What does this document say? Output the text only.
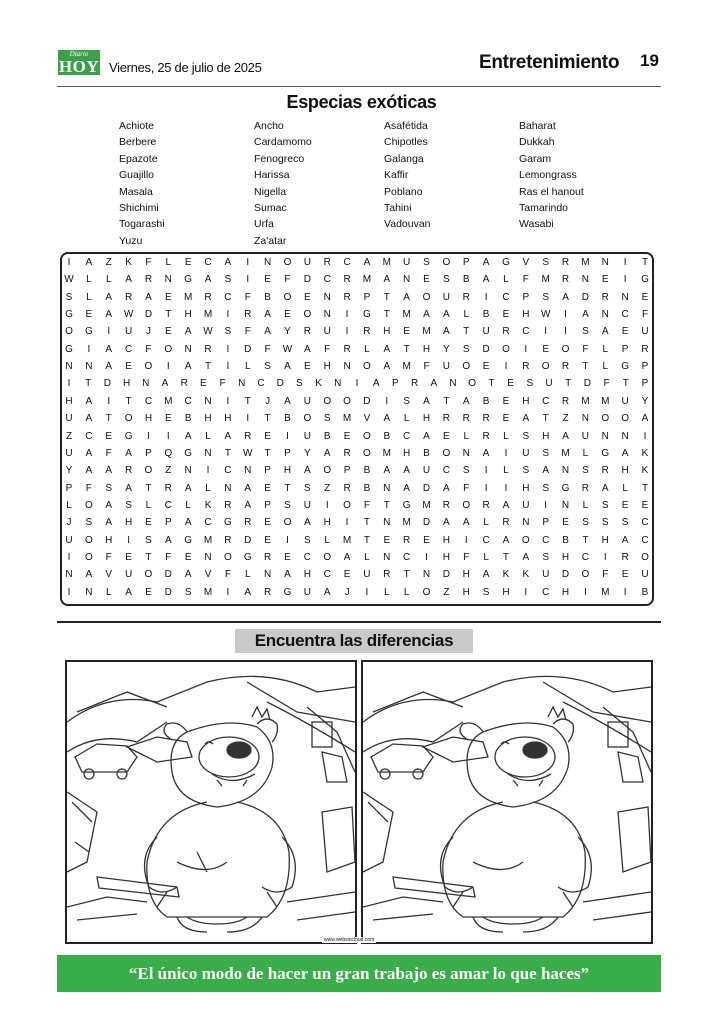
Diario
HOY Viernes, 25 de julio de 2025	Entretenimiento 19
Especias exóticas
Achiote
Berbere
Epazote
Guajillo
Masala
Shichimi
Togarashi
Yuzu
Ancho
Cardamomo
Fenogreco
Harissa
Nigella
Sumac
Urfa
Za'atar
Asafétida
Chipotles
Galanga
Kaffir
Poblano
Tahini
Vadouvan
Baharat
Dukkah
Garam
Lemongrass
Ras el hanout
Tamarindo
Wasabi
I	A	Z	K	F	L	E	C	A	I	N	O	U	R	C	A	M	U	S	O	P	A	G	V	S	R	M	N	I	T
W	L	L	A	R	N	G	A	S	I	E	F	D	C	R	M	A	N	E	S	B	A	L	F	M	R	N	E	I	G
S	L	A	R	A	E	M	R	C	F	B	O	E	N	R	P	T	A	O	U	R	I	C	P	S	A	D	R	N	E
G	E	A	W	D	T	H	M	I	R	A	E	O	N	I	G	T	M	A	A	L	B	E	H	W	I	A	N	C	F
O	G	I	U	J	E	A	W	S	F	A	Y	R	U	I	R	H	E	M	A	T	U	R	C	I	I	S	A	E	U
G	I	A	C	F	O	N	R	I	D	F	W	A	F	R	L	A	T	H	Y	S	D	O	I	E	O	F	L	P	R
N	N	A	E	O	I	A	T	I	L	S	A	E	H	N	O	A	M	F	U	O	E	I	R	O	R	T	L	G	P
I	T	D	H	N	A	R	E	F	N	C	D	S	K	N	I	A	P	R	A	N	O	T	E	S	U	T	D	F	T	P
H	A	I	T	C	M	C	N	I	T	J	A	U	O	O	D	I	S	A	T	A	B	E	H	C	R	M M	U	Y
U	A	T	O	H	E	B	H	H	I	T	B	O	S	M	V	A	L	H	R	R	R	E	A	T	Z	N	O	O	A
Z	C	E	G	I	I	A	L	A	R	E	I	U	B	E	O	B	C	A	E	L	R	L	S	H	A	U	N	N	I
U	A	F	A	P	Q	G	N	T	W	T	P	Y	A	R	O	M	H	B	O	N	A	I	U	S	M	L	G	A	K
Y	A	A	R	O	Z	N	I	C	N	P	H	A	O	P	B	A	A	U	C	S	I	L	S	A	N	S	R	H	K
P	F	S	A	T	R	A	L	N	A	E	T	S	Z	R	B	N	A	D	A	F	I	I	H	S	G	R	A	L	T
L	O	A	S	L	C	L	K	R	A	P	S	U	I	O	F	T	G	M	R	O	R	A	U	I	N	L	S	E	E
J	S	A	H	E	P	A	C	G	R	E	O	A	H	I	T	N	M	D	A	A	L	R	N	P	E	S	S	S	C
U	O	H	I	S	A	G	M	R	D	E	I	S	L	M	T	E	R	E	H	I	C	A	O	C	B	T	H	A	C
I	O	F	E	T	F	E	N	O	G	R	E	C	O	A	L	N	C	I	H	F	L	T	A	S	H	C	I	R	O
N	A	V	U	O	D	A	V	F	L	N	A	H	C	E	U	R	T	N	D	H	A	K	K	U	D	O	F	E	U
I	N	L	A	E	D	S	M	I	A	R	G	U	A	J	I	L	L	O	Z	H	S	H	I	C	H	I	M	I	B
Encuentra las diferencias
www.websincloud.com
“El único modo de hacer un gran trabajo es amar lo que haces”
